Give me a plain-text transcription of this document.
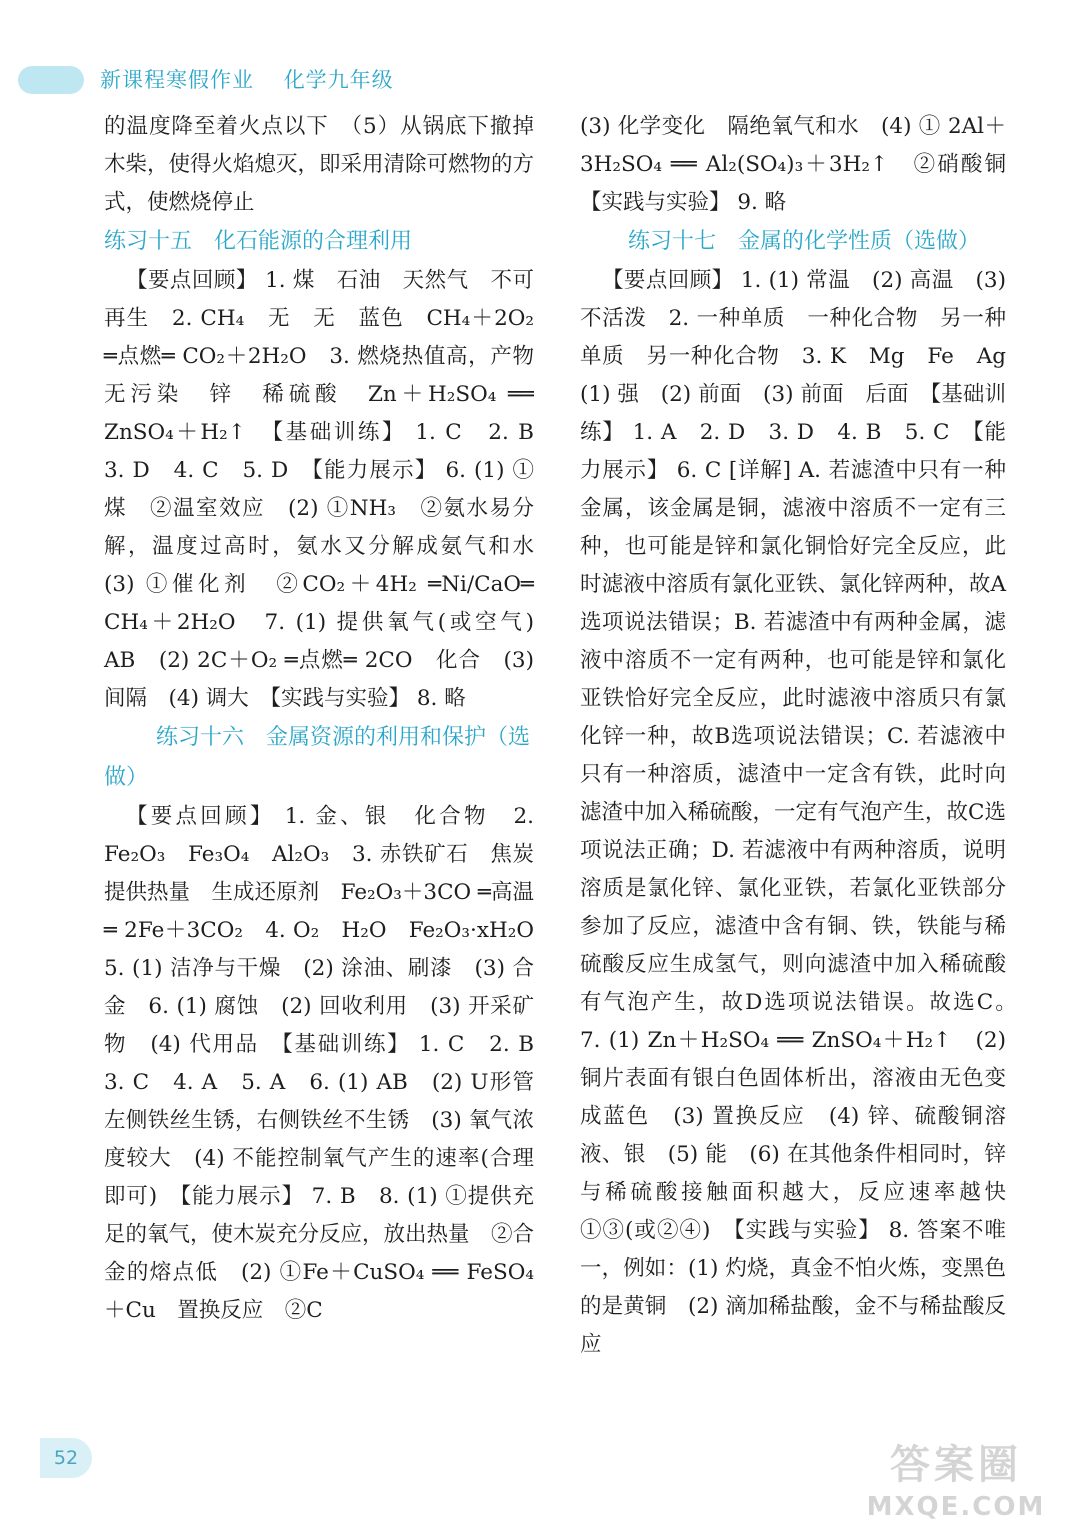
新课程寒假作业 化学九年级

的温度降至着火点以下　（5）从锅底下撤掉木柴，使得火焰熄灭，即采用清除可燃物的方式，使燃烧停止

练习十五　化石能源的合理利用

【要点回顾】 1. 煤　石油　天然气　不可再生　2. CH₄　无　无　蓝色　CH₄＋2O₂ ═点燃═ CO₂＋2H₂O　3. 燃烧热值高，产物无污染　锌　稀硫酸　Zn＋H₂SO₄ ══ ZnSO₄＋H₂↑　【基础训练】 1. C　2. B　3. D　4. C　5. D　【能力展示】 6. (1) ①煤　②温室效应　(2) ①NH₃　②氨水易分解，温度过高时，氨水又分解成氨气和水　(3) ①催化剂　②CO₂＋4H₂ ═Ni/CaO═ CH₄＋2H₂O　7. (1) 提供氧气(或空气)　AB　(2) 2C＋O₂ ═点燃═ 2CO　化合　(3) 间隔　(4) 调大　【实践与实验】 8. 略

练习十六　金属资源的利用和保护（选做）

【要点回顾】 1. 金、银　化合物　2. Fe₂O₃　Fe₃O₄　Al₂O₃　3. 赤铁矿石　焦炭　提供热量　生成还原剂　Fe₂O₃＋3CO ═高温═ 2Fe＋3CO₂　4. O₂　H₂O　Fe₂O₃·xH₂O　5. (1) 洁净与干燥　(2) 涂油、刷漆　(3) 合金　6. (1) 腐蚀　(2) 回收利用　(3) 开采矿物　(4) 代用品　【基础训练】 1. C　2. B　3. C　4. A　5. A　6. (1) AB　(2) U形管左侧铁丝生锈，右侧铁丝不生锈　(3) 氧气浓度较大　(4) 不能控制氧气产生的速率(合理即可)　【能力展示】 7. B　8. (1) ①提供充足的氧气，使木炭充分反应，放出热量　②合金的熔点低　(2) ①Fe＋CuSO₄ ══ FeSO₄＋Cu　置换反应　②C

(3) 化学变化　隔绝氧气和水　(4) ① 2Al＋3H₂SO₄ ══ Al₂(SO₄)₃＋3H₂↑　②硝酸铜　【实践与实验】 9. 略

练习十七　金属的化学性质（选做）

【要点回顾】 1. (1) 常温　(2) 高温　(3) 不活泼　2. 一种单质　一种化合物　另一种单质　另一种化合物　3. K　Mg　Fe　Ag　(1) 强　(2) 前面　(3) 前面　后面　【基础训练】 1. A　2. D　3. D　4. B　5. C　【能力展示】 6. C [详解] A. 若滤渣中只有一种金属，该金属是铜，滤液中溶质不一定有三种，也可能是锌和氯化铜恰好完全反应，此时滤液中溶质有氯化亚铁、氯化锌两种，故A选项说法错误；B. 若滤渣中有两种金属，滤液中溶质不一定有两种，也可能是锌和氯化亚铁恰好完全反应，此时滤液中溶质只有氯化锌一种，故B选项说法错误；C. 若滤液中只有一种溶质，滤渣中一定含有铁，此时向滤渣中加入稀硫酸，一定有气泡产生，故C选项说法正确；D. 若滤液中有两种溶质，说明溶质是氯化锌、氯化亚铁，若氯化亚铁部分参加了反应，滤渣中含有铜、铁，铁能与稀硫酸反应生成氢气，则向滤渣中加入稀硫酸有气泡产生，故D选项说法错误。故选C。　7. (1) Zn＋H₂SO₄ ══ ZnSO₄＋H₂↑　(2) 铜片表面有银白色固体析出，溶液由无色变成蓝色　(3) 置换反应　(4) 锌、硫酸铜溶液、银　(5) 能　(6) 在其他条件相同时，锌与稀硫酸接触面积越大，反应速率越快　①③(或②④)　【实践与实验】 8. 答案不唯一，例如：(1) 灼烧，真金不怕火炼，变黑色的是黄铜　(2) 滴加稀盐酸，金不与稀盐酸反应

52	答案圈
MXQE.COM
